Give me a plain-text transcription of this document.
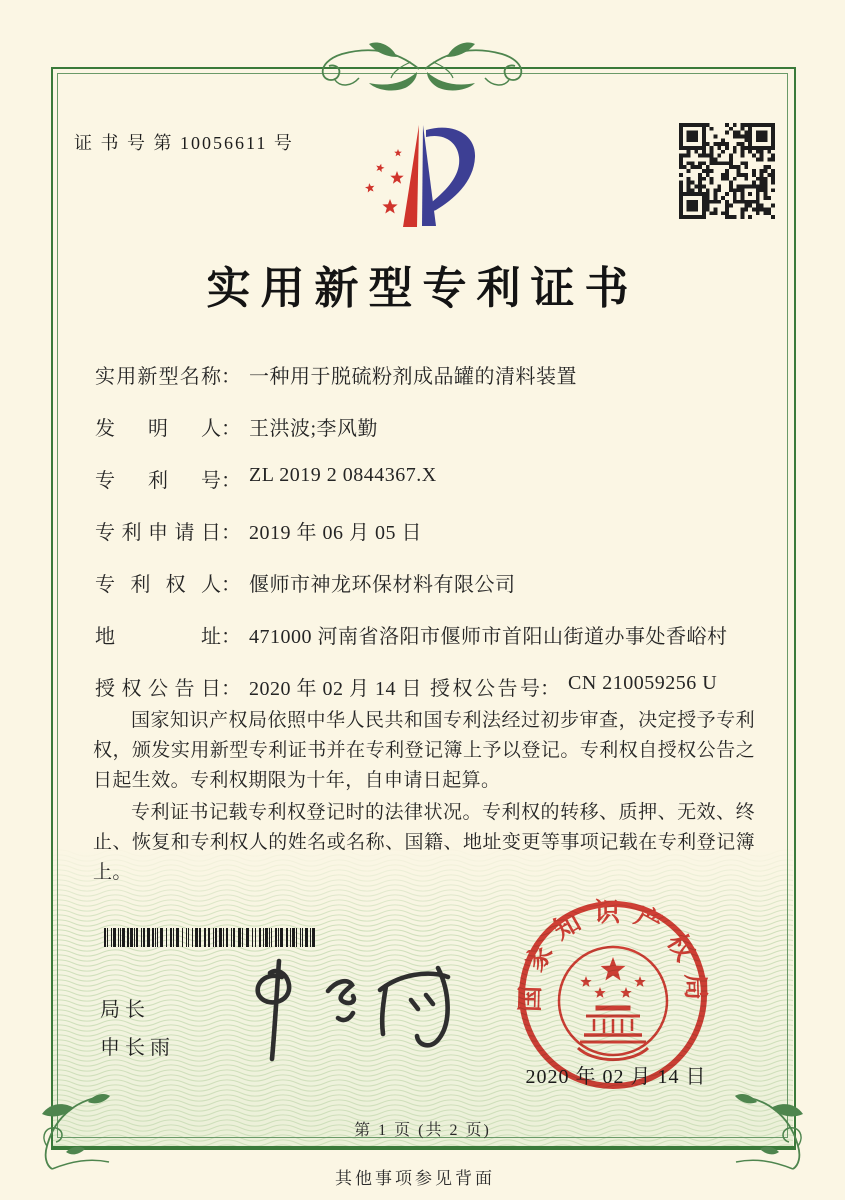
证 书 号 第 10056611 号
实用新型专利证书
实用新型名称 ： 一种用于脱硫粉剂成品罐的清料装置
发明人 ： 王洪波;李风勤
专利号 ： ZL 2019 2 0844367.X
专利申请日 ： 2019 年 06 月 05 日
专利权人 ： 偃师市神龙环保材料有限公司
地址 ： 471000 河南省洛阳市偃师市首阳山街道办事处香峪村
授权公告日 ： 2020 年 02 月 14 日 授权公告号 ： CN 210059256 U

国家知识产权局依照中华人民共和国专利法经过初步审查，决定授予专利权，颁发实用新型专利证书并在专利登记簿上予以登记。专利权自授权公告之日起生效。专利权期限为十年，自申请日起算。

专利证书记载专利权登记时的法律状况。专利权的转移、质押、无效、终止、恢复和专利权人的姓名或名称、国籍、地址变更等事项记载在专利登记簿上。

局长
申长雨
国家知识产权局
2020 年 02 月 14 日
第 1 页 (共 2 页)
其他事项参见背面
